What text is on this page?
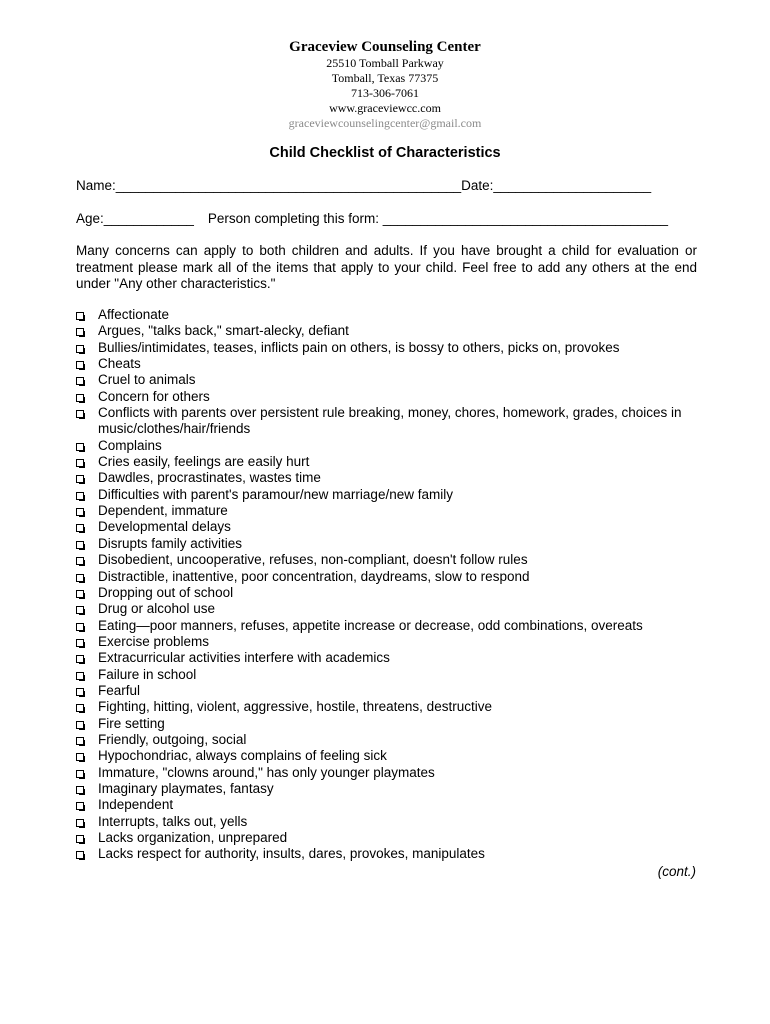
Graceview Counseling Center
25510 Tomball Parkway
Tomball, Texas 77375
713-306-7061
www.graceviewcc.com
graceviewcounselingcenter@gmail.com
Child Checklist of Characteristics
Name:______________________________________________Date:_____________________
Age:____________ Person completing this form: ______________________________________
Many concerns can apply to both children and adults. If you have brought a child for evaluation or treatment please mark all of the items that apply to your child. Feel free to add any others at the end under "Any other characteristics."
Affectionate
Argues, "talks back," smart-alecky, defiant
Bullies/intimidates, teases, inflicts pain on others, is bossy to others, picks on, provokes
Cheats
Cruel to animals
Concern for others
Conflicts with parents over persistent rule breaking, money, chores, homework, grades, choices in music/clothes/hair/friends
Complains
Cries easily, feelings are easily hurt
Dawdles, procrastinates, wastes time
Difficulties with parent's paramour/new marriage/new family
Dependent, immature
Developmental delays
Disrupts family activities
Disobedient, uncooperative, refuses, non-compliant, doesn't follow rules
Distractible, inattentive, poor concentration, daydreams, slow to respond
Dropping out of school
Drug or alcohol use
Eating—poor manners, refuses, appetite increase or decrease, odd combinations, overeats
Exercise problems
Extracurricular activities interfere with academics
Failure in school
Fearful
Fighting, hitting, violent, aggressive, hostile, threatens, destructive
Fire setting
Friendly, outgoing, social
Hypochondriac, always complains of feeling sick
Immature, "clowns around," has only younger playmates
Imaginary playmates, fantasy
Independent
Interrupts, talks out, yells
Lacks organization, unprepared
Lacks respect for authority, insults, dares, provokes, manipulates
(cont.)
